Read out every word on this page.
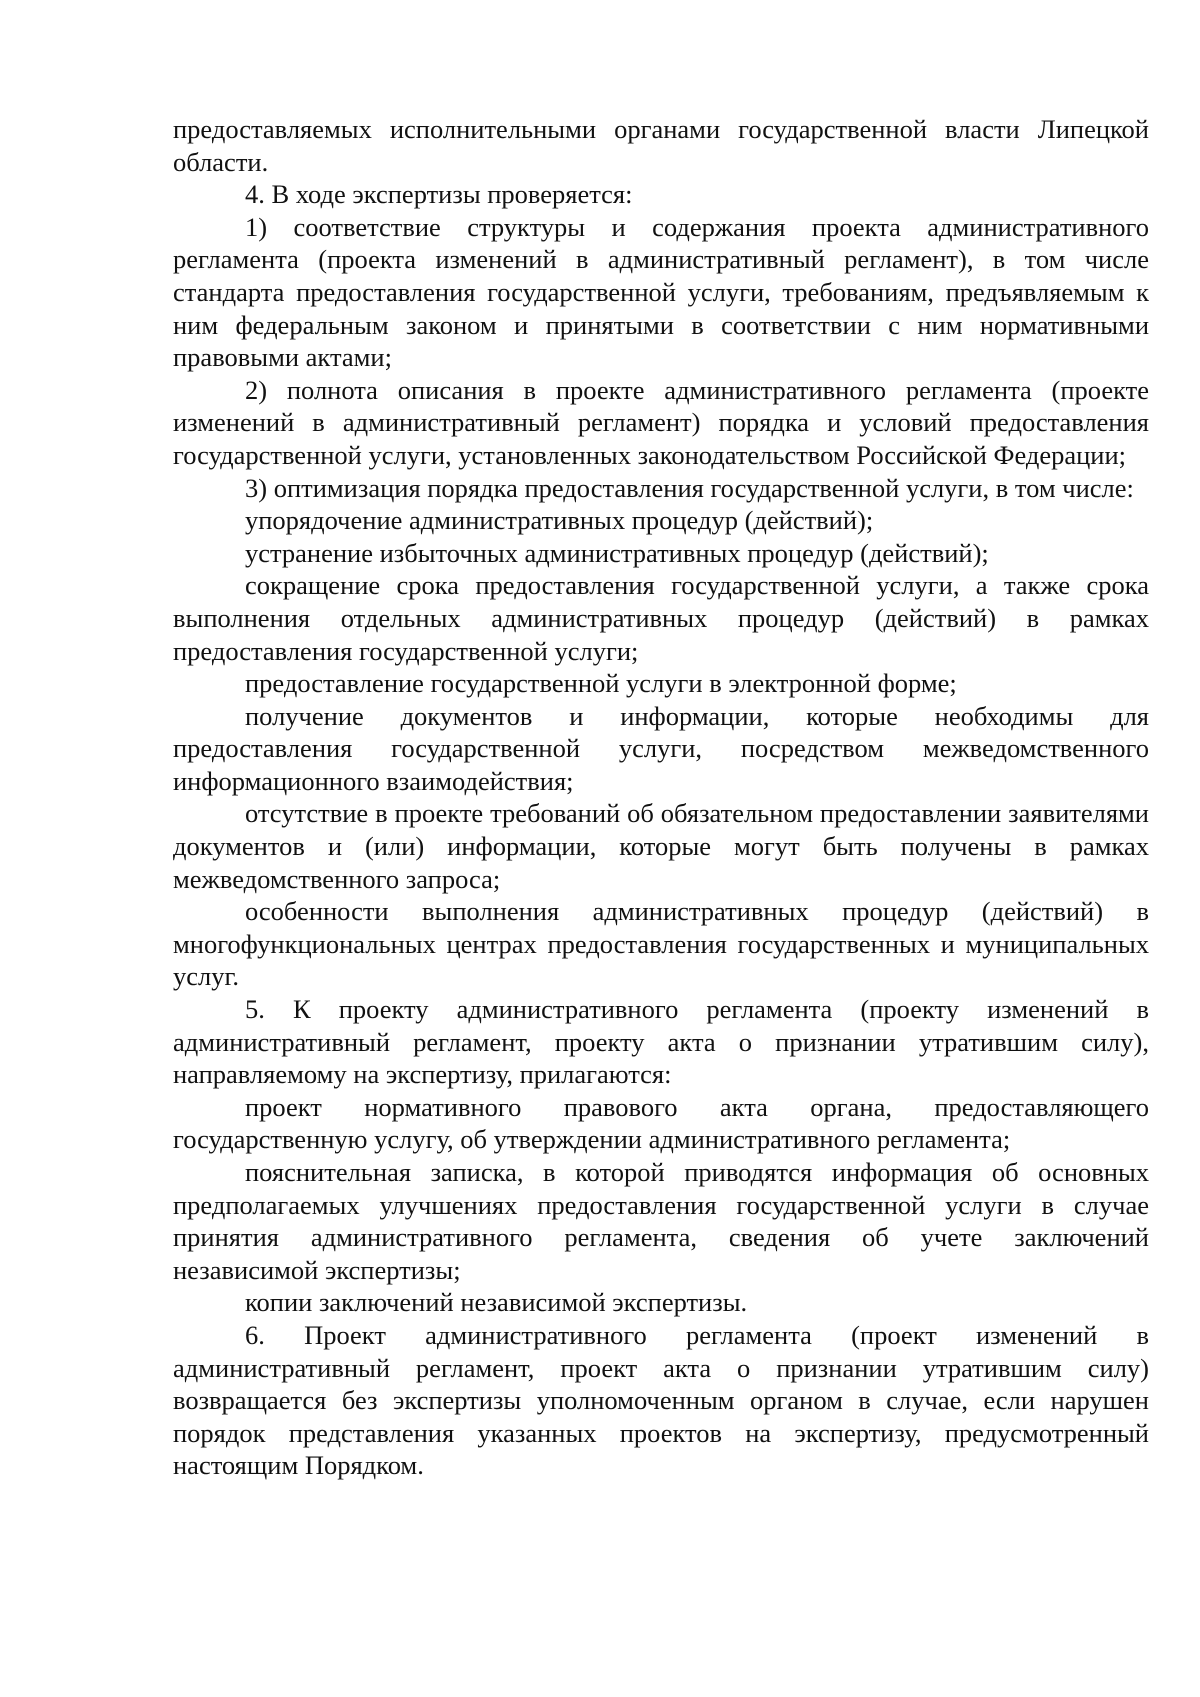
предоставляемых исполнительными органами государственной власти Липецкой области.

4. В ходе экспертизы проверяется:

1) соответствие структуры и содержания проекта административного регламента (проекта изменений в административный регламент), в том числе стандарта предоставления государственной услуги, требованиям, предъявляемым к ним федеральным законом и принятыми в соответствии с ним нормативными правовыми актами;

2) полнота описания в проекте административного регламента (проекте изменений в административный регламент) порядка и условий предоставления государственной услуги, установленных законодательством Российской Федерации;

3) оптимизация порядка предоставления государственной услуги, в том числе:

упорядочение административных процедур (действий);

устранение избыточных административных процедур (действий);

сокращение срока предоставления государственной услуги, а также срока выполнения отдельных административных процедур (действий) в рамках предоставления государственной услуги;

предоставление государственной услуги в электронной форме;

получение документов и информации, которые необходимы для предоставления государственной услуги, посредством межведомственного информационного взаимодействия;

отсутствие в проекте требований об обязательном предоставлении заявителями документов и (или) информации, которые могут быть получены в рамках межведомственного запроса;

особенности выполнения административных процедур (действий) в многофункциональных центрах предоставления государственных и муниципальных услуг.

5. К проекту административного регламента (проекту изменений в административный регламент, проекту акта о признании утратившим силу), направляемому на экспертизу, прилагаются:

проект нормативного правового акта органа, предоставляющего государственную услугу, об утверждении административного регламента;

пояснительная записка, в которой приводятся информация об основных предполагаемых улучшениях предоставления государственной услуги в случае принятия административного регламента, сведения об учете заключений независимой экспертизы;

копии заключений независимой экспертизы.

6. Проект административного регламента (проект изменений в административный регламент, проект акта о признании утратившим силу) возвращается без экспертизы уполномоченным органом в случае, если нарушен порядок представления указанных проектов на экспертизу, предусмотренный настоящим Порядком.
